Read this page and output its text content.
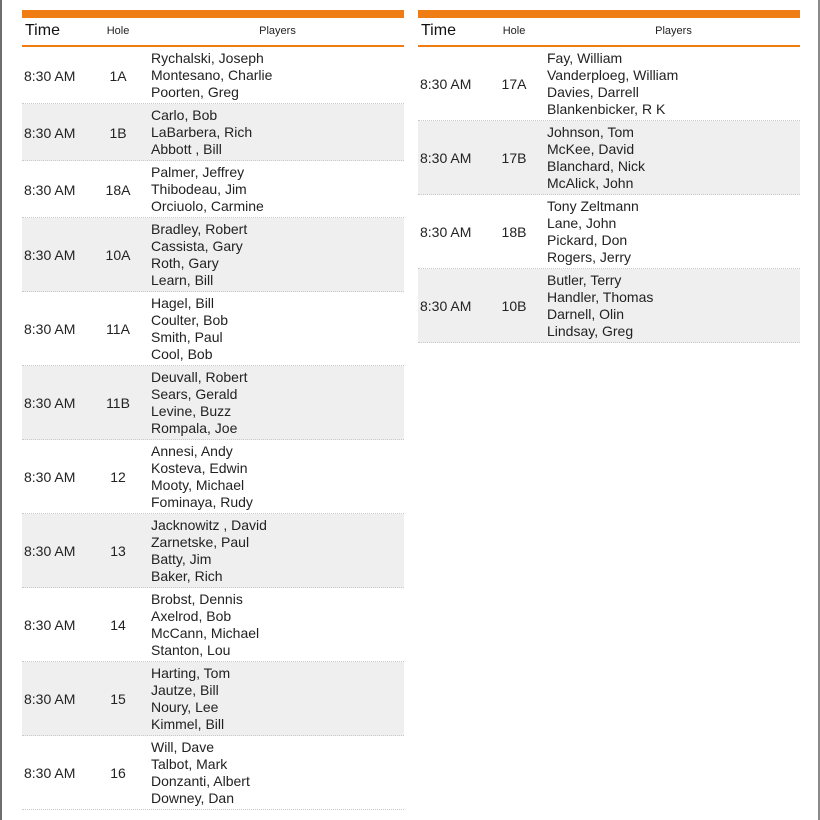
Time	Hole	Players
8:30 AM	1A
Rychalski, Joseph
Montesano, Charlie
Poorten, Greg
8:30 AM	1B
Carlo, Bob
LaBarbera, Rich
Abbott , Bill
8:30 AM	18A
Palmer, Jeffrey
Thibodeau, Jim
Orciuolo, Carmine
8:30 AM	10A
Bradley, Robert
Cassista, Gary
Roth, Gary
Learn, Bill
8:30 AM	11A
Hagel, Bill
Coulter, Bob
Smith, Paul
Cool, Bob
8:30 AM	11B
Deuvall, Robert
Sears, Gerald
Levine, Buzz
Rompala, Joe
8:30 AM	12
Annesi, Andy
Kosteva, Edwin
Mooty, Michael
Fominaya, Rudy
8:30 AM	13
Jacknowitz , David
Zarnetske, Paul
Batty, Jim
Baker, Rich
8:30 AM	14
Brobst, Dennis
Axelrod, Bob
McCann, Michael
Stanton, Lou
8:30 AM	15
Harting, Tom
Jautze, Bill
Noury, Lee
Kimmel, Bill
8:30 AM	16
Will, Dave
Talbot, Mark
Donzanti, Albert
Downey, Dan
Time	Hole	Players
8:30 AM	17A
Fay, William
Vanderploeg, William
Davies, Darrell
Blankenbicker, R K
8:30 AM	17B
Johnson, Tom
McKee, David
Blanchard, Nick
McAlick, John
8:30 AM	18B
Tony Zeltmann
Lane, John
Pickard, Don
Rogers, Jerry
8:30 AM	10B
Butler, Terry
Handler, Thomas
Darnell, Olin
Lindsay, Greg
